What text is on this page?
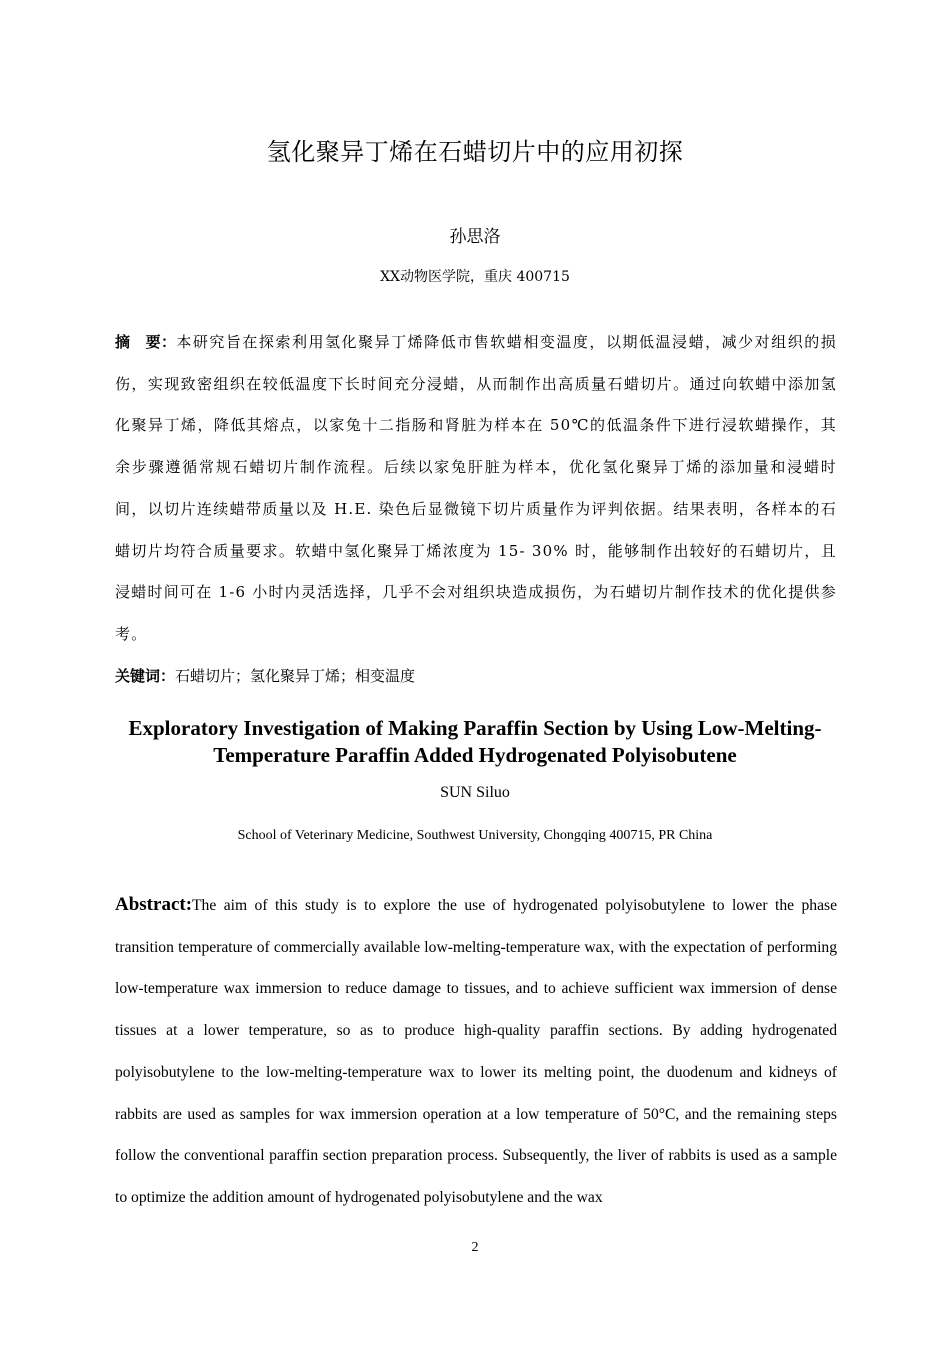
氢化聚异丁烯在石蜡切片中的应用初探
孙思洛
XX动物医学院，重庆 400715
摘　要：本研究旨在探索利用氢化聚异丁烯降低市售软蜡相变温度，以期低温浸蜡，减少对组织的损伤，实现致密组织在较低温度下长时间充分浸蜡，从而制作出高质量石蜡切片。通过向软蜡中添加氢化聚异丁烯，降低其熔点，以家兔十二指肠和肾脏为样本在 50℃的低温条件下进行浸软蜡操作，其余步骤遵循常规石蜡切片制作流程。后续以家兔肝脏为样本，优化氢化聚异丁烯的添加量和浸蜡时间，以切片连续蜡带质量以及 H.E. 染色后显微镜下切片质量作为评判依据。结果表明，各样本的石蜡切片均符合质量要求。软蜡中氢化聚异丁烯浓度为 15- 30% 时，能够制作出较好的石蜡切片，且浸蜡时间可在 1-6 小时内灵活选择，几乎不会对组织块造成损伤，为石蜡切片制作技术的优化提供参考。
关键词：石蜡切片；氢化聚异丁烯；相变温度
Exploratory Investigation of Making Paraffin Section by Using Low-Melting-Temperature Paraffin Added Hydrogenated Polyisobutene
SUN Siluo
School of Veterinary Medicine, Southwest University, Chongqing 400715, PR China
Abstract:The aim of this study is to explore the use of hydrogenated polyisobutylene to lower the phase transition temperature of commercially available low-melting-temperature wax, with the expectation of performing low-temperature wax immersion to reduce damage to tissues, and to achieve sufficient wax immersion of dense tissues at a lower temperature, so as to produce high-quality paraffin sections. By adding hydrogenated polyisobutylene to the low-melting-temperature wax to lower its melting point, the duodenum and kidneys of rabbits are used as samples for wax immersion operation at a low temperature of 50°C, and the remaining steps follow the conventional paraffin section preparation process. Subsequently, the liver of rabbits is used as a sample to optimize the addition amount of hydrogenated polyisobutylene and the wax
2
